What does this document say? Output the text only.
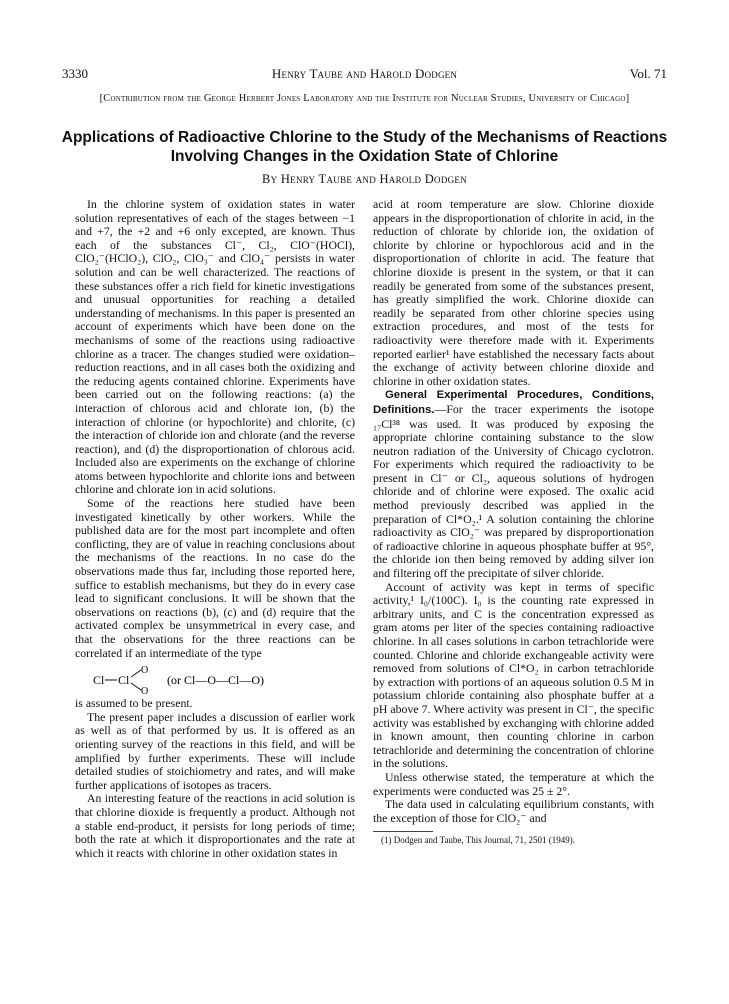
3330	Henry Taube and Harold Dodgen	Vol. 71
[Contribution from the George Herbert Jones Laboratory and the Institute for Nuclear Studies, University of Chicago]
Applications of Radioactive Chlorine to the Study of the Mechanisms of Reactions Involving Changes in the Oxidation State of Chlorine
By Henry Taube and Harold Dodgen

In the chlorine system of oxidation states in water solution representatives of each of the stages between −1 and +7, the +2 and +6 only excepted, are known. Thus each of the substances Cl⁻, Cl₂, ClO⁻(HOCl), ClO₂⁻(HClO₂), ClO₂, ClO₃⁻ and ClO₄⁻ persists in water solution and can be well characterized. The reactions of these substances offer a rich field for kinetic investigations and unusual opportunities for reaching a detailed understanding of mechanisms. In this paper is presented an account of experiments which have been done on the mechanisms of some of the reactions using radioactive chlorine as a tracer. The changes studied were oxidation–reduction reactions, and in all cases both the oxidizing and the reducing agents contained chlorine. Experiments have been carried out on the following reactions: (a) the interaction of chlorous acid and chlorate ion, (b) the interaction of chlorine (or hypochlorite) and chlorite, (c) the interaction of chloride ion and chlorate (and the reverse reaction), and (d) the disproportionation of chlorous acid. Included also are experiments on the exchange of chlorine atoms between hypochlorite and chlorite ions and between chlorine and chlorate ion in acid solutions.

Some of the reactions here studied have been investigated kinetically by other workers. While the published data are for the most part incomplete and often conflicting, they are of value in reaching conclusions about the mechanisms of the reactions. In no case do the observations made thus far, including those reported here, suffice to establish mechanisms, but they do in every case lead to significant conclusions. It will be shown that the observations on reactions (b), (c) and (d) require that the activated complex be unsymmetrical in every case, and that the observations for the three reactions can be correlated if an intermediate of the type

Cl Cl
O
O
(or Cl—O—Cl—O)

is assumed to be present.

The present paper includes a discussion of earlier work as well as of that performed by us. It is offered as an orienting survey of the reactions in this field, and will be amplified by further experiments. These will include detailed studies of stoichiometry and rates, and will make further applications of isotopes as tracers.

An interesting feature of the reactions in acid solution is that chlorine dioxide is frequently a product. Although not a stable end-product, it persists for long periods of time; both the rate at which it disproportionates and the rate at which it reacts with chlorine in other oxidation states in

acid at room temperature are slow. Chlorine dioxide appears in the disproportionation of chlorite in acid, in the reduction of chlorate by chloride ion, the oxidation of chlorite by chlorine or hypochlorous acid and in the disproportionation of chlorite in acid. The feature that chlorine dioxide is present in the system, or that it can readily be generated from some of the substances present, has greatly simplified the work. Chlorine dioxide can readily be separated from other chlorine species using extraction procedures, and most of the tests for radioactivity were therefore made with it. Experiments reported earlier¹ have established the necessary facts about the exchange of activity between chlorine dioxide and chlorine in other oxidation states.

General Experimental Procedures, Conditions, Definitions.—For the tracer experiments the isotope ₁₇Cl³⁸ was used. It was produced by exposing the appropriate chlorine containing substance to the slow neutron radiation of the University of Chicago cyclotron. For experiments which required the radioactivity to be present in Cl⁻ or Cl₂, aqueous solutions of hydrogen chloride and of chlorine were exposed. The oxalic acid method previously described was applied in the preparation of Cl*O₂.¹ A solution containing the chlorine radioactivity as ClO₂⁻ was prepared by disproportionation of radioactive chlorine in aqueous phosphate buffer at 95°, the chloride ion then being removed by adding silver ion and filtering off the precipitate of silver chloride.

Account of activity was kept in terms of specific activity,¹ I₀/(100C). I₀ is the counting rate expressed in arbitrary units, and C is the concentration expressed as gram atoms per liter of the species containing radioactive chlorine. In all cases solutions in carbon tetrachloride were counted. Chlorine and chloride exchangeable activity were removed from solutions of Cl*O₂ in carbon tetrachloride by extraction with portions of an aqueous solution 0.5 M in potassium chloride containing also phosphate buffer at a pH above 7. Where activity was present in Cl⁻, the specific activity was established by exchanging with chlorine added in known amount, then counting chlorine in carbon tetrachloride and determining the concentration of chlorine in the solutions.

Unless otherwise stated, the temperature at which the experiments were conducted was 25 ± 2°.

The data used in calculating equilibrium constants, with the exception of those for ClO₂⁻ and

(1) Dodgen and Taube, This Journal, 71, 2501 (1949).
